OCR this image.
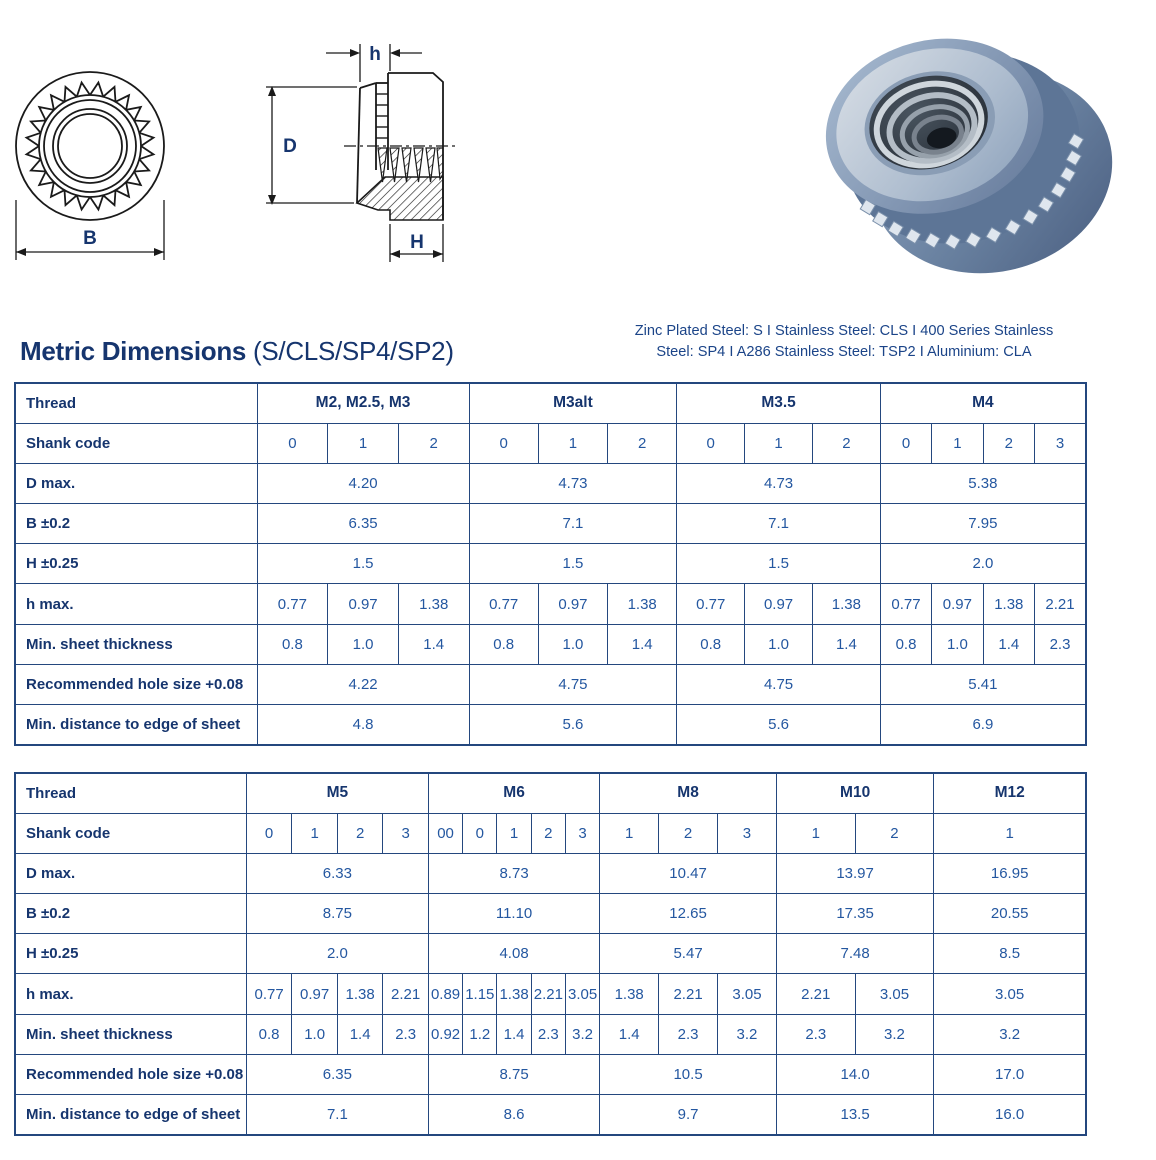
B
h
D
H
Metric Dimensions (S/CLS/SP4/SP2)
Zinc Plated Steel: S I Stainless Steel: CLS I 400 Series Stainless
Steel: SP4 I A286 Stainless Steel: TSP2 I Aluminium: CLA
Thread	M2, M2.5, M3			M3alt			M3.5			M4			
Shank code	0	1	2	0	1	2	0	1	2	0	1	2	3
D max.	4.20			4.73			4.73			5.38			
B ±0.2	6.35			7.1			7.1			7.95			
H ±0.25	1.5			1.5			1.5			2.0			
h max.	0.77	0.97	1.38	0.77	0.97	1.38	0.77	0.97	1.38	0.77	0.97	1.38	2.21
Min. sheet thickness	0.8	1.0	1.4	0.8	1.0	1.4	0.8	1.0	1.4	0.8	1.0	1.4	2.3
Recommended hole size +0.08	4.22			4.75			4.75			5.41			
Min. distance to edge of sheet	4.8			5.6			5.6			6.9			
Thread	M5				M6					M8			M10		M12
Shank code	0	1	2	3	00	0	1	2	3	1	2	3	1	2	1
D max.	6.33				8.73					10.47			13.97		16.95
B ±0.2	8.75				11.10					12.65			17.35		20.55
H ±0.25	2.0				4.08					5.47			7.48		8.5
h max.	0.77	0.97	1.38	2.21	0.89	1.15	1.38	2.21	3.05	1.38	2.21	3.05	2.21	3.05	3.05
Min. sheet thickness	0.8	1.0	1.4	2.3	0.92	1.2	1.4	2.3	3.2	1.4	2.3	3.2	2.3	3.2	3.2
Recommended hole size +0.08	6.35				8.75					10.5			14.0		17.0
Min. distance to edge of sheet	7.1				8.6					9.7			13.5		16.0
